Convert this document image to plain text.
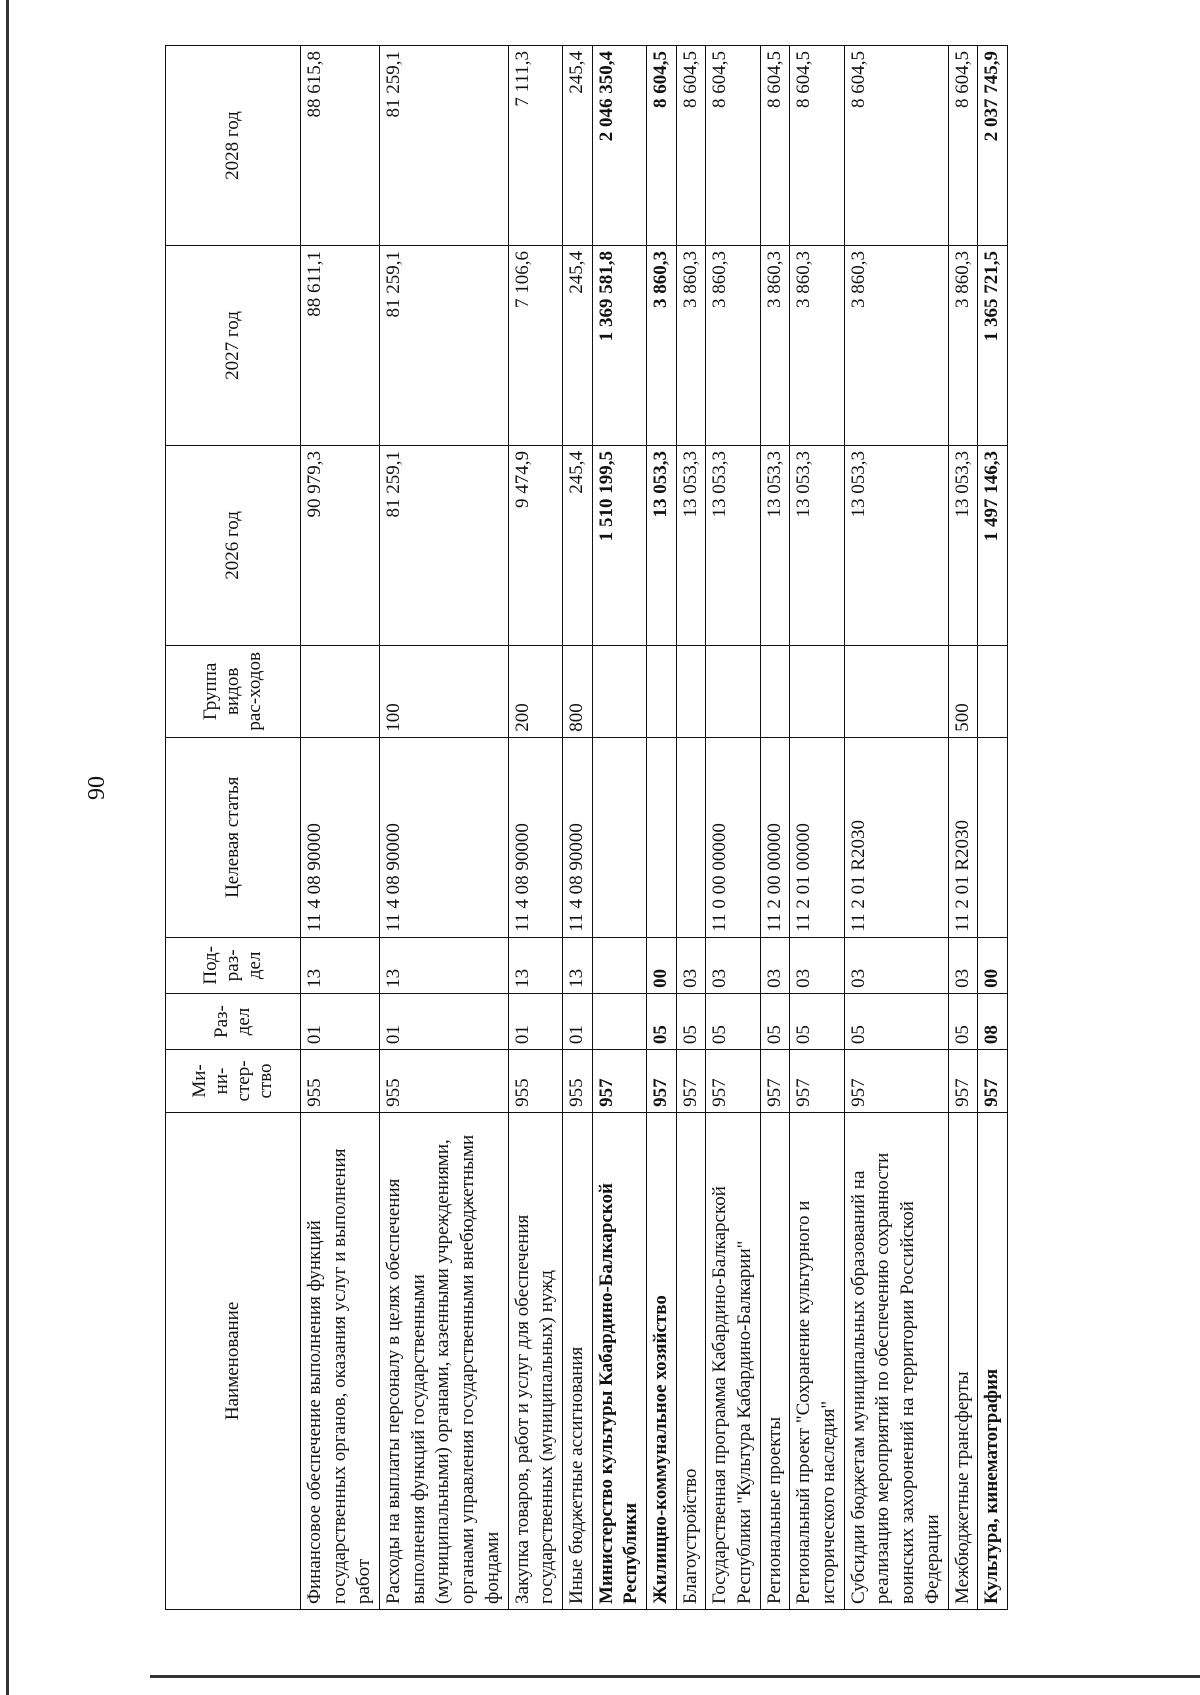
90
Наименование	Ми-ни-стер-ство	Раз-дел	Под-раз-дел	Целевая статья	Группа видов рас-ходов	2026 год	2027 год	2028 год
Финансовое обеспечение выполнения функций государственных органов, оказания услуг и выполнения работ	955	01	13	11 4 08 90000		90 979,3	88 611,1	88 615,8
Расходы на выплаты персоналу в целях обеспечения выполнения функций государственными (муниципальными) органами, казенными учреждениями, органами управления государственными внебюджетными фондами	955	01	13	11 4 08 90000	100	81 259,1	81 259,1	81 259,1
Закупка товаров, работ и услуг для обеспечения государственных (муниципальных) нужд	955	01	13	11 4 08 90000	200	9 474,9	7 106,6	7 111,3
Иные бюджетные ассигнования	955	01	13	11 4 08 90000	800	245,4	245,4	245,4
Министерство культуры Кабардино-Балкарской Республики	957					1 510 199,5	1 369 581,8	2 046 350,4
Жилищно-коммунальное хозяйство	957	05	00			13 053,3	3 860,3	8 604,5
Благоустройство	957	05	03			13 053,3	3 860,3	8 604,5
Государственная программа Кабардино-Балкарской Республики "Культура Кабардино-Балкарии"	957	05	03	11 0 00 00000		13 053,3	3 860,3	8 604,5
Региональные проекты	957	05	03	11 2 00 00000		13 053,3	3 860,3	8 604,5
Региональный проект "Сохранение культурного и исторического наследия"	957	05	03	11 2 01 00000		13 053,3	3 860,3	8 604,5
Субсидии бюджетам муниципальных образований на реализацию мероприятий по обеспечению сохранности воинских захоронений на территории Российской Федерации	957	05	03	11 2 01 R2030		13 053,3	3 860,3	8 604,5
Межбюджетные трансферты	957	05	03	11 2 01 R2030	500	13 053,3	3 860,3	8 604,5
Культура, кинематография	957	08	00			1 497 146,3	1 365 721,5	2 037 745,9
